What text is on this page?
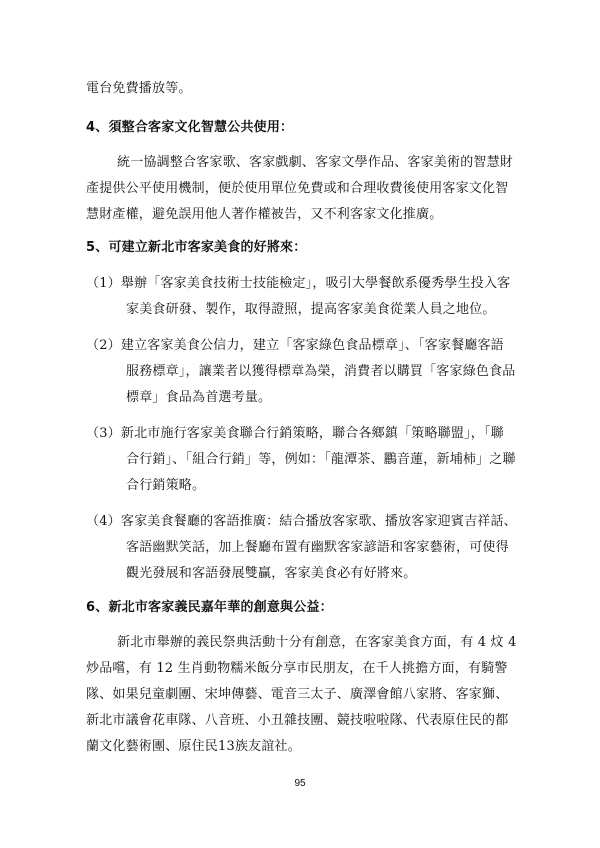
電台免費播放等。
4、須整合客家文化智慧公共使用：
統一協調整合客家歌、客家戲劇、客家文學作品、客家美術的智慧財
產提供公平使用機制，便於使用單位免費或和合理收費後使用客家文化智
慧財產權，避免誤用他人著作權被告，又不利客家文化推廣。
5、可建立新北市客家美食的好將來：
（1）舉辦「客家美食技術士技能檢定」，吸引大學餐飲系優秀學生投入客
家美食研發、製作，取得證照，提高客家美食從業人員之地位。
（2）建立客家美食公信力，建立「客家綠色食品標章」、「客家餐廳客語
服務標章」，讓業者以獲得標章為榮，消費者以購買「客家綠色食品
標章」食品為首選考量。
（3）新北市施行客家美食聯合行銷策略，聯合各鄉鎮「策略聯盟」，「聯
合行銷」、「組合行銷」等，例如：「龍潭茶、鸝音蓮，新埔柿」之聯
合行銷策略。
（4）客家美食餐廳的客語推廣：結合播放客家歌、播放客家迎賓吉祥話、
客語幽默笑話，加上餐廳布置有幽默客家諺語和客家藝術，可使得
觀光發展和客語發展雙贏，客家美食必有好將來。
6、新北市客家義民嘉年華的創意與公益：
新北市舉辦的義民祭典活動十分有創意，在客家美食方面，有 4 炆 4
炒品嚐，有 12 生肖動物糯米飯分享市民朋友，在千人挑擔方面，有騎警
隊、如果兒童劇團、宋坤傳藝、電音三太子、廣澤會館八家將、客家獅、
新北市議會花車隊、八音班、小丑雜技團、競技啦啦隊、代表原住民的都
蘭文化藝術團、原住民13族友誼社。
95
